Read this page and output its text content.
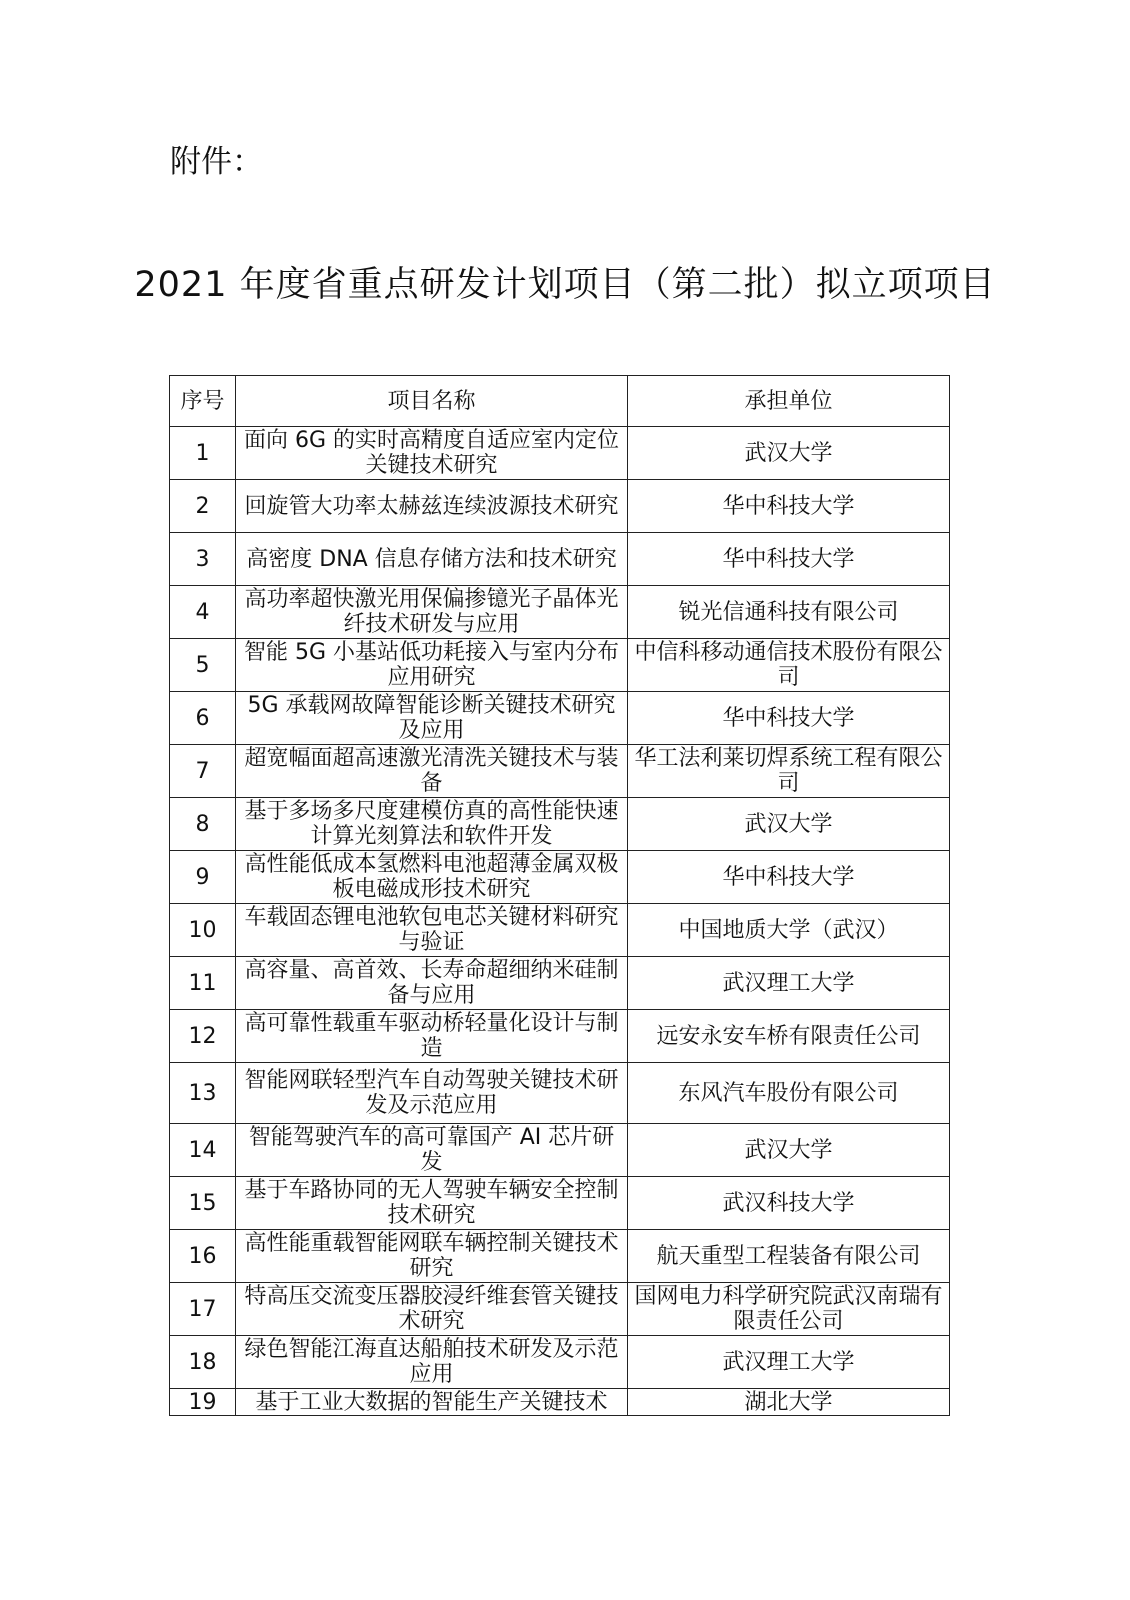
附件：
2021 年度省重点研发计划项目（第二批）拟立项项目
序号	项目名称	承担单位
1	面向 6G 的实时高精度自适应室内定位关键技术研究	武汉大学
2	回旋管大功率太赫兹连续波源技术研究	华中科技大学
3	高密度 DNA 信息存储方法和技术研究	华中科技大学
4	高功率超快激光用保偏掺镱光子晶体光纤技术研发与应用	锐光信通科技有限公司
5	智能 5G 小基站低功耗接入与室内分布应用研究	中信科移动通信技术股份有限公司
6	5G 承载网故障智能诊断关键技术研究及应用	华中科技大学
7	超宽幅面超高速激光清洗关键技术与装备	华工法利莱切焊系统工程有限公司
8	基于多场多尺度建模仿真的高性能快速计算光刻算法和软件开发	武汉大学
9	高性能低成本氢燃料电池超薄金属双极板电磁成形技术研究	华中科技大学
10	车载固态锂电池软包电芯关键材料研究与验证	中国地质大学（武汉）
11	高容量、高首效、长寿命超细纳米硅制备与应用	武汉理工大学
12	高可靠性载重车驱动桥轻量化设计与制造	远安永安车桥有限责任公司
13	智能网联轻型汽车自动驾驶关键技术研发及示范应用	东风汽车股份有限公司
14	智能驾驶汽车的高可靠国产 AI 芯片研发	武汉大学
15	基于车路协同的无人驾驶车辆安全控制技术研究	武汉科技大学
16	高性能重载智能网联车辆控制关键技术研究	航天重型工程装备有限公司
17	特高压交流变压器胶浸纤维套管关键技术研究	国网电力科学研究院武汉南瑞有限责任公司
18	绿色智能江海直达船舶技术研发及示范应用	武汉理工大学
19	基于工业大数据的智能生产关键技术	湖北大学
